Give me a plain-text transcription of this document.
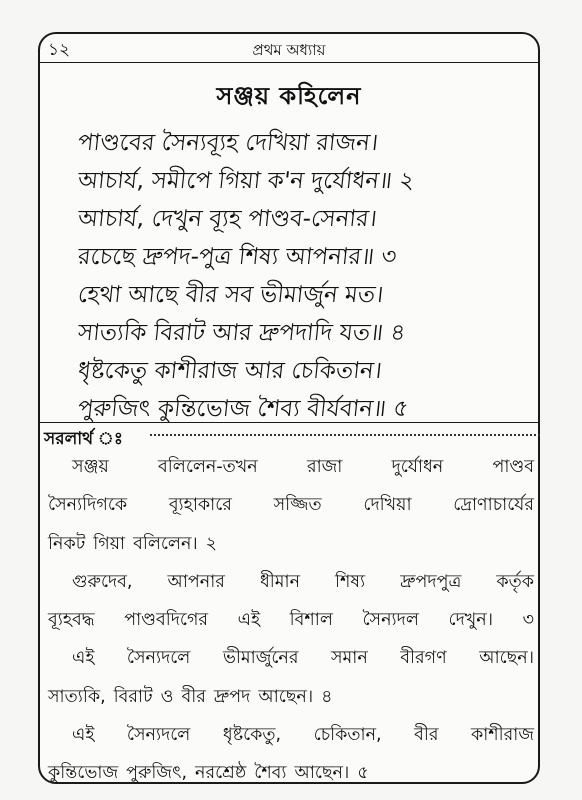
১২	প্রথম অধ্যায়
সঞ্জয় কহিলেন
পাণ্ডবের সৈন্যব্যূহ দেখিয়া রাজন।
আচার্য, সমীপে গিয়া ক'ন দুর্যোধন॥ ২
আচার্য, দেখুন ব্যূহ পাণ্ডব-সেনার।
রচেছে দ্রুপদ-পুত্র শিষ্য আপনার॥ ৩
হেথা আছে বীর সব ভীমার্জুন মত।
সাত্যকি বিরাট আর দ্রুপদাদি যত॥ ৪
ধৃষ্টকেতু কাশীরাজ আর চেকিতান।
পুরুজিৎ কুন্তিভোজ শৈব্য বীর্যবান॥ ৫
সরলার্থ ঃ
সঞ্জয়	বলিলেন-তখন	রাজা	দুর্যোধন	পাণ্ডব
সৈন্যদিগকে ব্যূহাকারে সজ্জিত দেখিয়া দ্রোণাচার্যের
নিকট গিয়া বলিলেন। ২
গুরুদেব, আপনার ধীমান শিষ্য দ্রুপদপুত্র কর্তৃক
ব্যূহবদ্ধ পাণ্ডবদিগের এই বিশাল সৈন্যদল দেখুন। ৩
এই সৈন্যদলে ভীমার্জুনের সমান বীরগণ আছেন।
সাত্যকি, বিরাট ও বীর দ্রুপদ আছেন। ৪
এই সৈন্যদলে ধৃষ্টকেতু, চেকিতান, বীর কাশীরাজ
কুন্তিভোজ পুরুজিৎ, নরশ্রেষ্ঠ শৈব্য আছেন। ৫
